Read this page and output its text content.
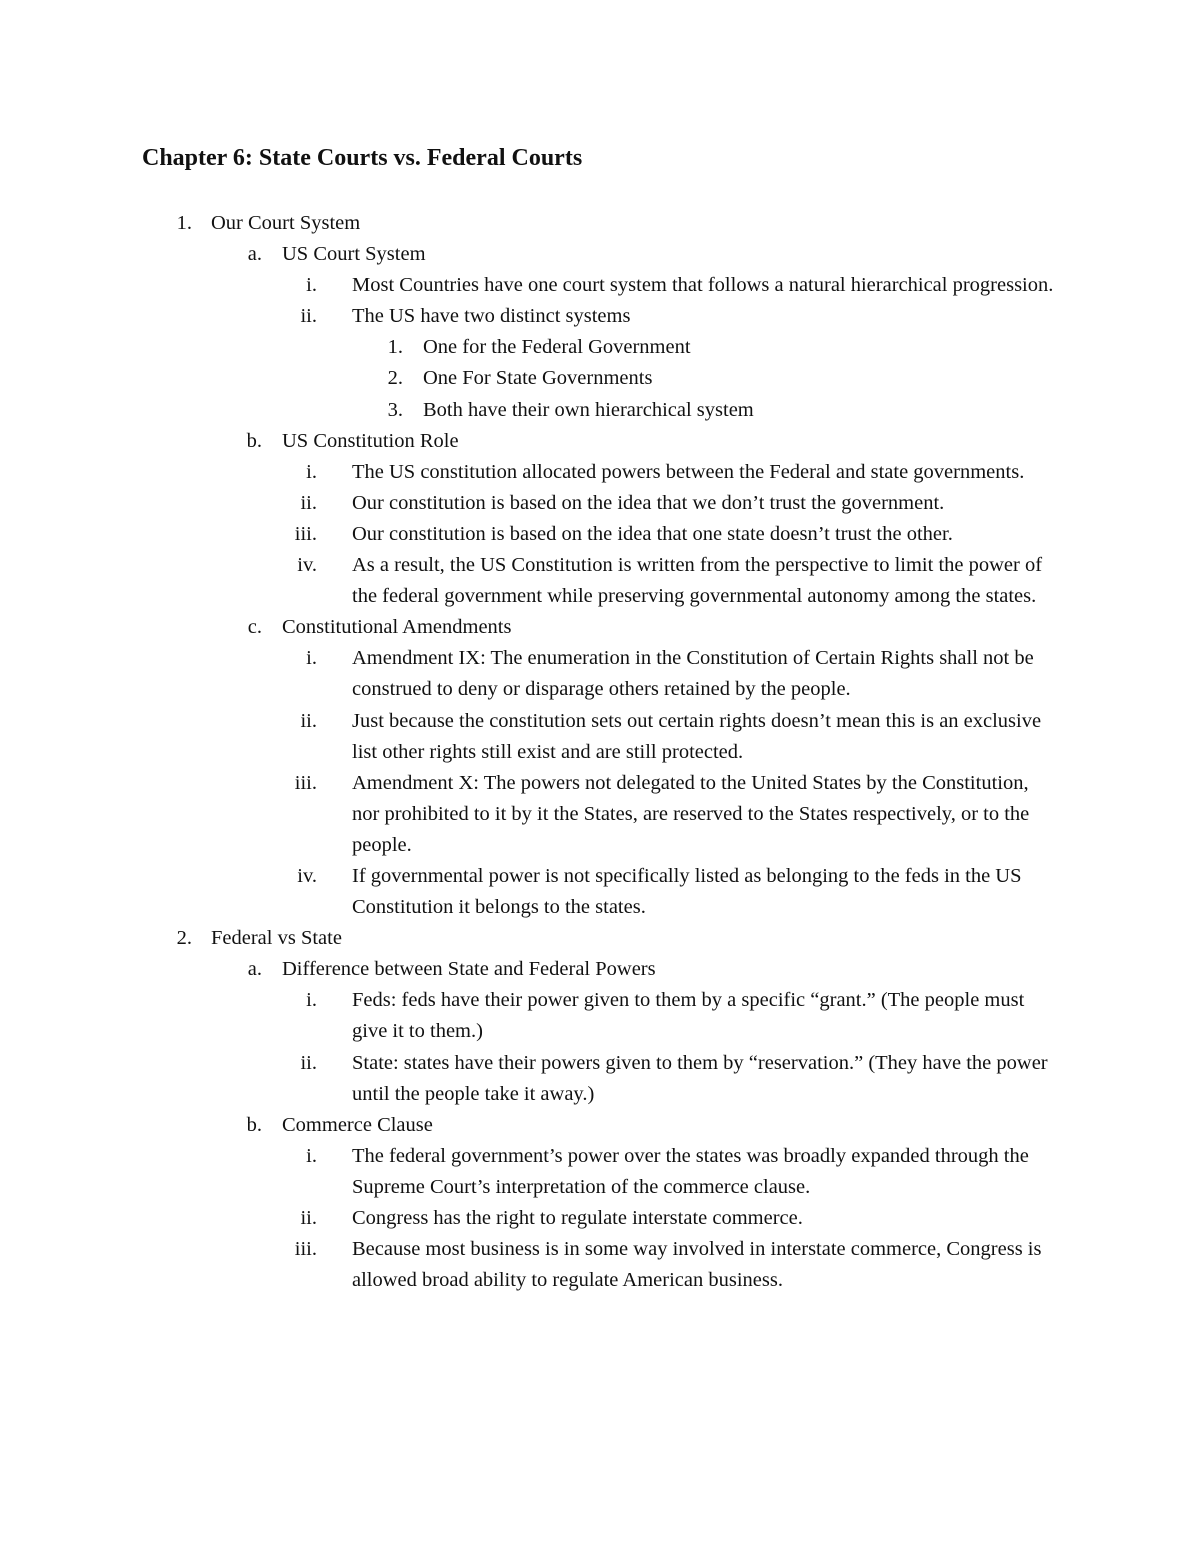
Chapter 6: State Courts vs. Federal Courts
1. Our Court System
a. US Court System
i. Most Countries have one court system that follows a natural hierarchical progression.
ii. The US have two distinct systems
1. One for the Federal Government
2. One For State Governments
3. Both have their own hierarchical system
b. US Constitution Role
i. The US constitution allocated powers between the Federal and state governments.
ii. Our constitution is based on the idea that we don’t trust the government.
iii. Our constitution is based on the idea that one state doesn’t trust the other.
iv. As a result, the US Constitution is written from the perspective to limit the power of the federal government while preserving governmental autonomy among the states.
c. Constitutional Amendments
i. Amendment IX: The enumeration in the Constitution of Certain Rights shall not be construed to deny or disparage others retained by the people.
ii. Just because the constitution sets out certain rights doesn’t mean this is an exclusive list other rights still exist and are still protected.
iii. Amendment X: The powers not delegated to the United States by the Constitution, nor prohibited to it by it the States, are reserved to the States respectively, or to the people.
iv. If governmental power is not specifically listed as belonging to the feds in the US Constitution it belongs to the states.
2. Federal vs State
a. Difference between State and Federal Powers
i. Feds: feds have their power given to them by a specific “grant.” (The people must give it to them.)
ii. State: states have their powers given to them by “reservation.” (They have the power until the people take it away.)
b. Commerce Clause
i. The federal government’s power over the states was broadly expanded through the Supreme Court’s interpretation of the commerce clause.
ii. Congress has the right to regulate interstate commerce.
iii. Because most business is in some way involved in interstate commerce, Congress is allowed broad ability to regulate American business.
